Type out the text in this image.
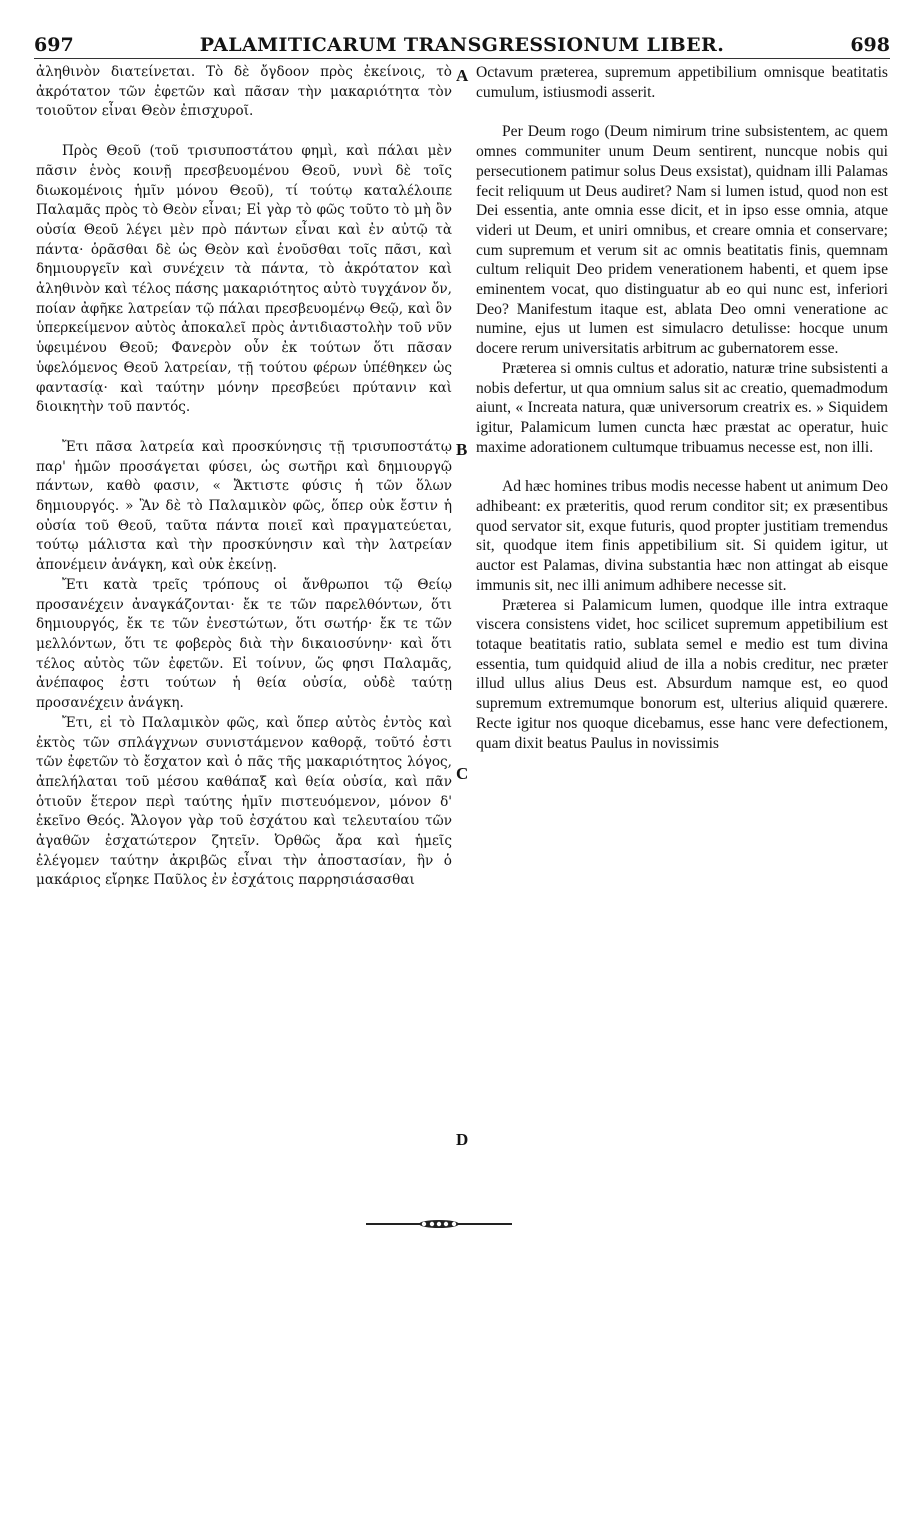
697	PALAMITICARUM TRANSGRESSIONUM LIBER.	698

ἀληθινὸν διατείνεται. Τὸ δὲ ὄγδοον πρὸς ἐκείνοις, τὸ ἀκρότατον τῶν ἐφετῶν καὶ πᾶσαν τὴν μακαριότητα τὸν τοιοῦτον εἶναι Θεὸν ἐπισχυροῖ.

Πρὸς Θεοῦ (τοῦ τρισυποστάτου φημὶ, καὶ πάλαι μὲν πᾶσιν ἑνὸς κοινῇ πρεσβευομένου Θεοῦ, νυνὶ δὲ τοῖς διωκομένοις ἡμῖν μόνου Θεοῦ), τί τούτῳ καταλέλοιπε Παλαμᾶς πρὸς τὸ Θεὸν εἶναι; Εἰ γὰρ τὸ φῶς τοῦτο τὸ μὴ ὂν οὐσία Θεοῦ λέγει μὲν πρὸ πάντων εἶναι καὶ ἐν αὐτῷ τὰ πάντα· ὁρᾶσθαι δὲ ὡς Θεὸν καὶ ἑνοῦσθαι τοῖς πᾶσι, καὶ δημιουργεῖν καὶ συνέχειν τὰ πάντα, τὸ ἀκρότατον καὶ ἀληθινὸν καὶ τέλος πάσης μακαριότητος αὐτὸ τυγχάνον ὄν, ποίαν ἀφῆκε λατρείαν τῷ πάλαι πρεσβευομένῳ Θεῷ, καὶ ὃν ὑπερκείμενον αὐτὸς ἀποκαλεῖ πρὸς ἀντιδιαστολὴν τοῦ νῦν ὑφειμένου Θεοῦ; Φανερὸν οὖν ἐκ τούτων ὅτι πᾶσαν ὑφελόμενος Θεοῦ λατρείαν, τῇ τούτου φέρων ὑπέθηκεν ὡς φαντασίᾳ· καὶ ταύτην μόνην πρεσβεύει πρύτανιν καὶ διοικητὴν τοῦ παντός.

Ἔτι πᾶσα λατρεία καὶ προσκύνησις τῇ τρισυποστάτῳ παρ' ἡμῶν προσάγεται φύσει, ὡς σωτῆρι καὶ δημιουργῷ πάντων, καθὸ φασιν, « Ἄκτιστε φύσις ἡ τῶν ὅλων δημιουργός. » Ἂν δὲ τὸ Παλαμικὸν φῶς, ὅπερ οὐκ ἔστιν ἡ οὐσία τοῦ Θεοῦ, ταῦτα πάντα ποιεῖ καὶ πραγματεύεται, τούτῳ μάλιστα καὶ τὴν προσκύνησιν καὶ τὴν λατρείαν ἀπονέμειν ἀνάγκη, καὶ οὐκ ἐκείνῃ.

Ἔτι κατὰ τρεῖς τρόπους οἱ ἄνθρωποι τῷ Θείῳ προσανέχειν ἀναγκάζονται· ἔκ τε τῶν παρελθόντων, ὅτι δημιουργός, ἔκ τε τῶν ἐνεστώτων, ὅτι σωτήρ· ἔκ τε τῶν μελλόντων, ὅτι τε φοβερὸς διὰ τὴν δικαιοσύνην· καὶ ὅτι τέλος αὐτὸς τῶν ἐφετῶν. Εἰ τοίνυν, ὥς φησι Παλαμᾶς, ἀνέπαφος ἐστι τούτων ἡ θεία οὐσία, οὐδὲ ταύτῃ προσανέχειν ἀνάγκη.

Ἔτι, εἰ τὸ Παλαμικὸν φῶς, καὶ ὅπερ αὐτὸς ἐντὸς καὶ ἐκτὸς τῶν σπλάγχνων συνιστάμενον καθορᾷ, τοῦτό ἐστι τῶν ἐφετῶν τὸ ἔσχατον καὶ ὁ πᾶς τῆς μακαριότητος λόγος, ἀπελήλαται τοῦ μέσου καθάπαξ καὶ θεία οὐσία, καὶ πᾶν ὁτιοῦν ἕτερον περὶ ταύτης ἡμῖν πιστευόμενον, μόνον δ' ἐκεῖνο Θεός. Ἄλογον γὰρ τοῦ ἐσχάτου καὶ τελευταίου τῶν ἀγαθῶν ἐσχατώτερον ζητεῖν. Ὀρθῶς ἄρα καὶ ἡμεῖς ἐλέγομεν ταύτην ἀκριβῶς εἶναι τὴν ἀποστασίαν, ἣν ὁ μακάριος εἴρηκε Παῦλος ἐν ἐσχάτοις παρρησιάσασθαι

A
B
C
D

Octavum præterea, supremum appetibilium omnisque beatitatis cumulum, istiusmodi asserit.

Per Deum rogo (Deum nimirum trine subsistentem, ac quem omnes communiter unum Deum sentirent, nuncque nobis qui persecutionem patimur solus Deus exsistat), quidnam illi Palamas fecit reliquum ut Deus audiret? Nam si lumen istud, quod non est Dei essentia, ante omnia esse dicit, et in ipso esse omnia, atque videri ut Deum, et uniri omnibus, et creare omnia et conservare; cum supremum et verum sit ac omnis beatitatis finis, quemnam cultum reliquit Deo pridem venerationem habenti, et quem ipse eminentem vocat, quo distinguatur ab eo qui nunc est, inferiori Deo? Manifestum itaque est, ablata Deo omni veneratione ac numine, ejus ut lumen est simulacro detulisse: hocque unum docere rerum universitatis arbitrum ac gubernatorem esse.

Præterea si omnis cultus et adoratio, naturæ trine subsistenti a nobis defertur, ut qua omnium salus sit ac creatio, quemadmodum aiunt, « Increata natura, quæ universorum creatrix es. » Siquidem igitur, Palamicum lumen cuncta hæc præstat ac operatur, huic maxime adorationem cultumque tribuamus necesse est, non illi.

Ad hæc homines tribus modis necesse habent ut animum Deo adhibeant: ex præteritis, quod rerum conditor sit; ex præsentibus quod servator sit, exque futuris, quod propter justitiam tremendus sit, quodque item finis appetibilium sit. Si quidem igitur, ut auctor est Palamas, divina substantia hæc non attingat ab eisque immunis sit, nec illi animum adhibere necesse sit.

Præterea si Palamicum lumen, quodque ille intra extraque viscera consistens videt, hoc scilicet supremum appetibilium est totaque beatitatis ratio, sublata semel e medio est tum divina essentia, tum quidquid aliud de illa a nobis creditur, nec præter illud ullus alius Deus est. Absurdum namque est, eo quod supremum extremumque bonorum est, ulterius aliquid quærere. Recte igitur nos quoque dicebamus, esse hanc vere defectionem, quam dixit beatus Paulus in novissimis
